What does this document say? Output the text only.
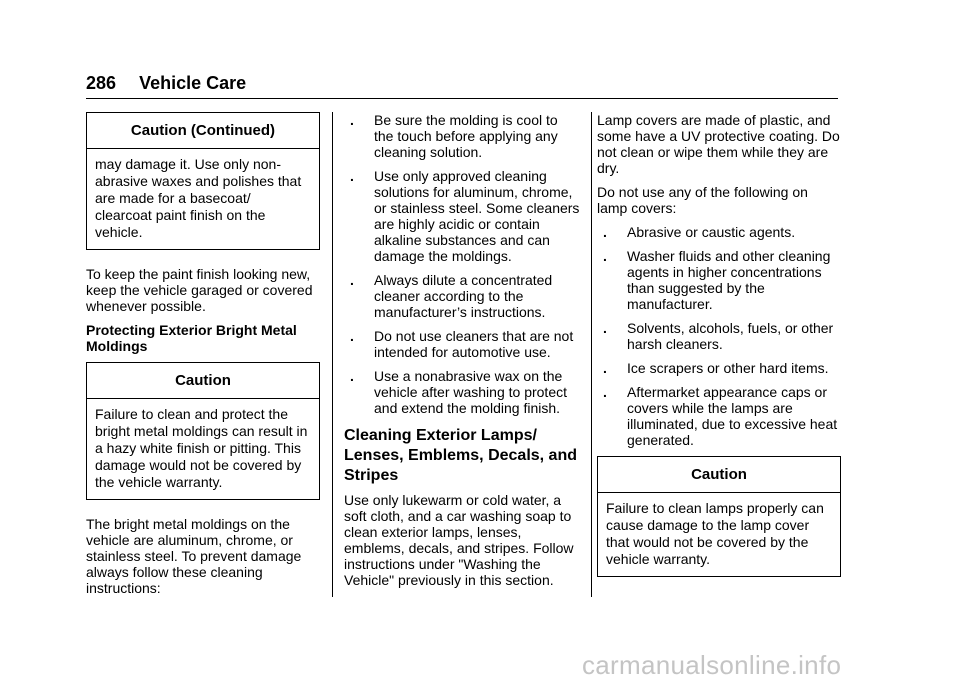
286 Vehicle Care
Caution (Continued)
may damage it. Use only non-abrasive waxes and polishes that are made for a basecoat/ clearcoat paint finish on the vehicle.

To keep the paint finish looking new, keep the vehicle garaged or covered whenever possible.

Protecting Exterior Bright Metal Moldings

Caution
Failure to clean and protect the bright metal moldings can result in a hazy white finish or pitting. This damage would not be covered by the vehicle warranty.

The bright metal moldings on the vehicle are aluminum, chrome, or stainless steel. To prevent damage always follow these cleaning instructions:

. Be sure the molding is cool to the touch before applying any cleaning solution.
. Use only approved cleaning solutions for aluminum, chrome, or stainless steel. Some cleaners are highly acidic or contain alkaline substances and can damage the moldings.
. Always dilute a concentrated cleaner according to the manufacturer’s instructions.
. Do not use cleaners that are not intended for automotive use.
. Use a nonabrasive wax on the vehicle after washing to protect and extend the molding finish.
Cleaning Exterior Lamps/ Lenses, Emblems, Decals, and Stripes

Use only lukewarm or cold water, a soft cloth, and a car washing soap to clean exterior lamps, lenses, emblems, decals, and stripes. Follow instructions under "Washing the Vehicle" previously in this section.

Lamp covers are made of plastic, and some have a UV protective coating. Do not clean or wipe them while they are dry.

Do not use any of the following on lamp covers:

. Abrasive or caustic agents.
. Washer fluids and other cleaning agents in higher concentrations than suggested by the manufacturer.
. Solvents, alcohols, fuels, or other harsh cleaners.
. Ice scrapers or other hard items.
. Aftermarket appearance caps or covers while the lamps are illuminated, due to excessive heat generated.
Caution
Failure to clean lamps properly can cause damage to the lamp cover that would not be covered by the vehicle warranty.
carmanualsonline.info
